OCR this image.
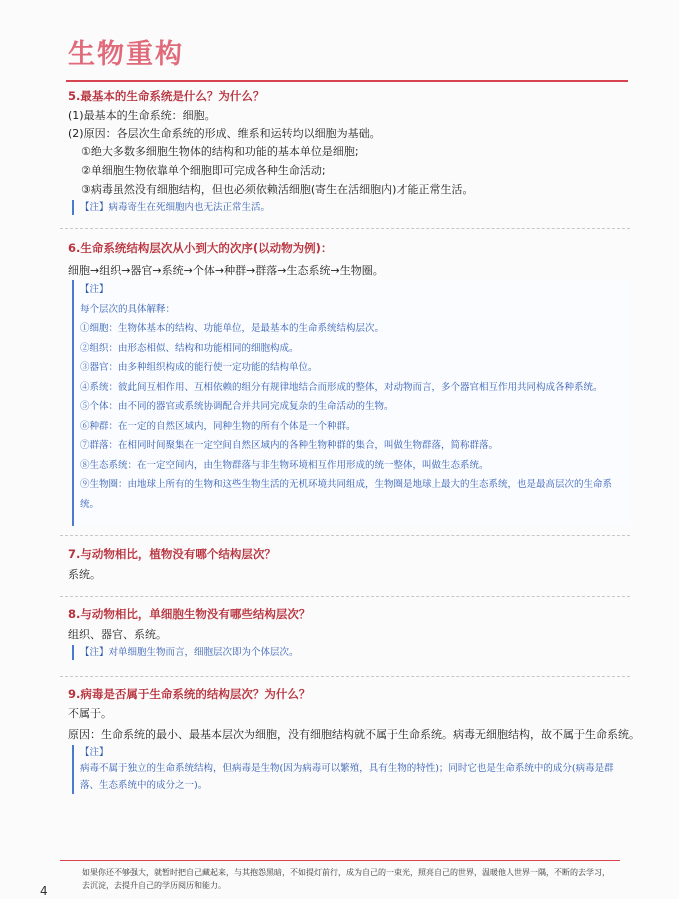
生物重构
5.最基本的生命系统是什么？为什么？
(1)最基本的生命系统：细胞。
(2)原因：各层次生命系统的形成、维系和运转均以细胞为基础。
①绝大多数多细胞生物体的结构和功能的基本单位是细胞;
②单细胞生物依靠单个细胞即可完成各种生命活动;
③病毒虽然没有细胞结构，但也必须依赖活细胞(寄生在活细胞内)才能正常生活。
【注】病毒寄生在死细胞内也无法正常生活。
6.生命系统结构层次从小到大的次序(以动物为例)：
细胞→组织→器官→系统→个体→种群→群落→生态系统→生物圈。
【注】
每个层次的具体解释：
①细胞：生物体基本的结构、功能单位，是最基本的生命系统结构层次。
②组织：由形态相似、结构和功能相同的细胞构成。
③器官：由多种组织构成的能行使一定功能的结构单位。
④系统：彼此间互相作用、互相依赖的组分有规律地结合而形成的整体，对动物而言，多个器官相互作用共同构成各种系统。
⑤个体：由不同的器官或系统协调配合并共同完成复杂的生命活动的生物。
⑥种群：在一定的自然区域内，同种生物的所有个体是一个种群。
⑦群落：在相同时间聚集在一定空间自然区域内的各种生物种群的集合，叫做生物群落，简称群落。
⑧生态系统：在一定空间内，由生物群落与非生物环境相互作用形成的统一整体，叫做生态系统。
⑨生物圈：由地球上所有的生物和这些生物生活的无机环境共同组成，生物圈是地球上最大的生态系统，也是最高层次的生命系统。
7.与动物相比，植物没有哪个结构层次？
系统。
8.与动物相比，单细胞生物没有哪些结构层次？
组织、器官、系统。
【注】对单细胞生物而言，细胞层次即为个体层次。
9.病毒是否属于生命系统的结构层次？为什么？
不属于。
原因：生命系统的最小、最基本层次为细胞，没有细胞结构就不属于生命系统。病毒无细胞结构，故不属于生命系统。
【注】
病毒不属于独立的生命系统结构，但病毒是生物(因为病毒可以繁殖，具有生物的特性)；同时它也是生命系统中的成分(病毒是群落、生态系统中的成分之一)。
如果你还不够强大，就暂时把自己藏起来，与其抱怨黑暗，不如提灯前行，成为自己的一束光，照亮自己的世界，温暖他人世界一隅，不断的去学习，去沉淀，去提升自己的学历阅历和能力。
4
